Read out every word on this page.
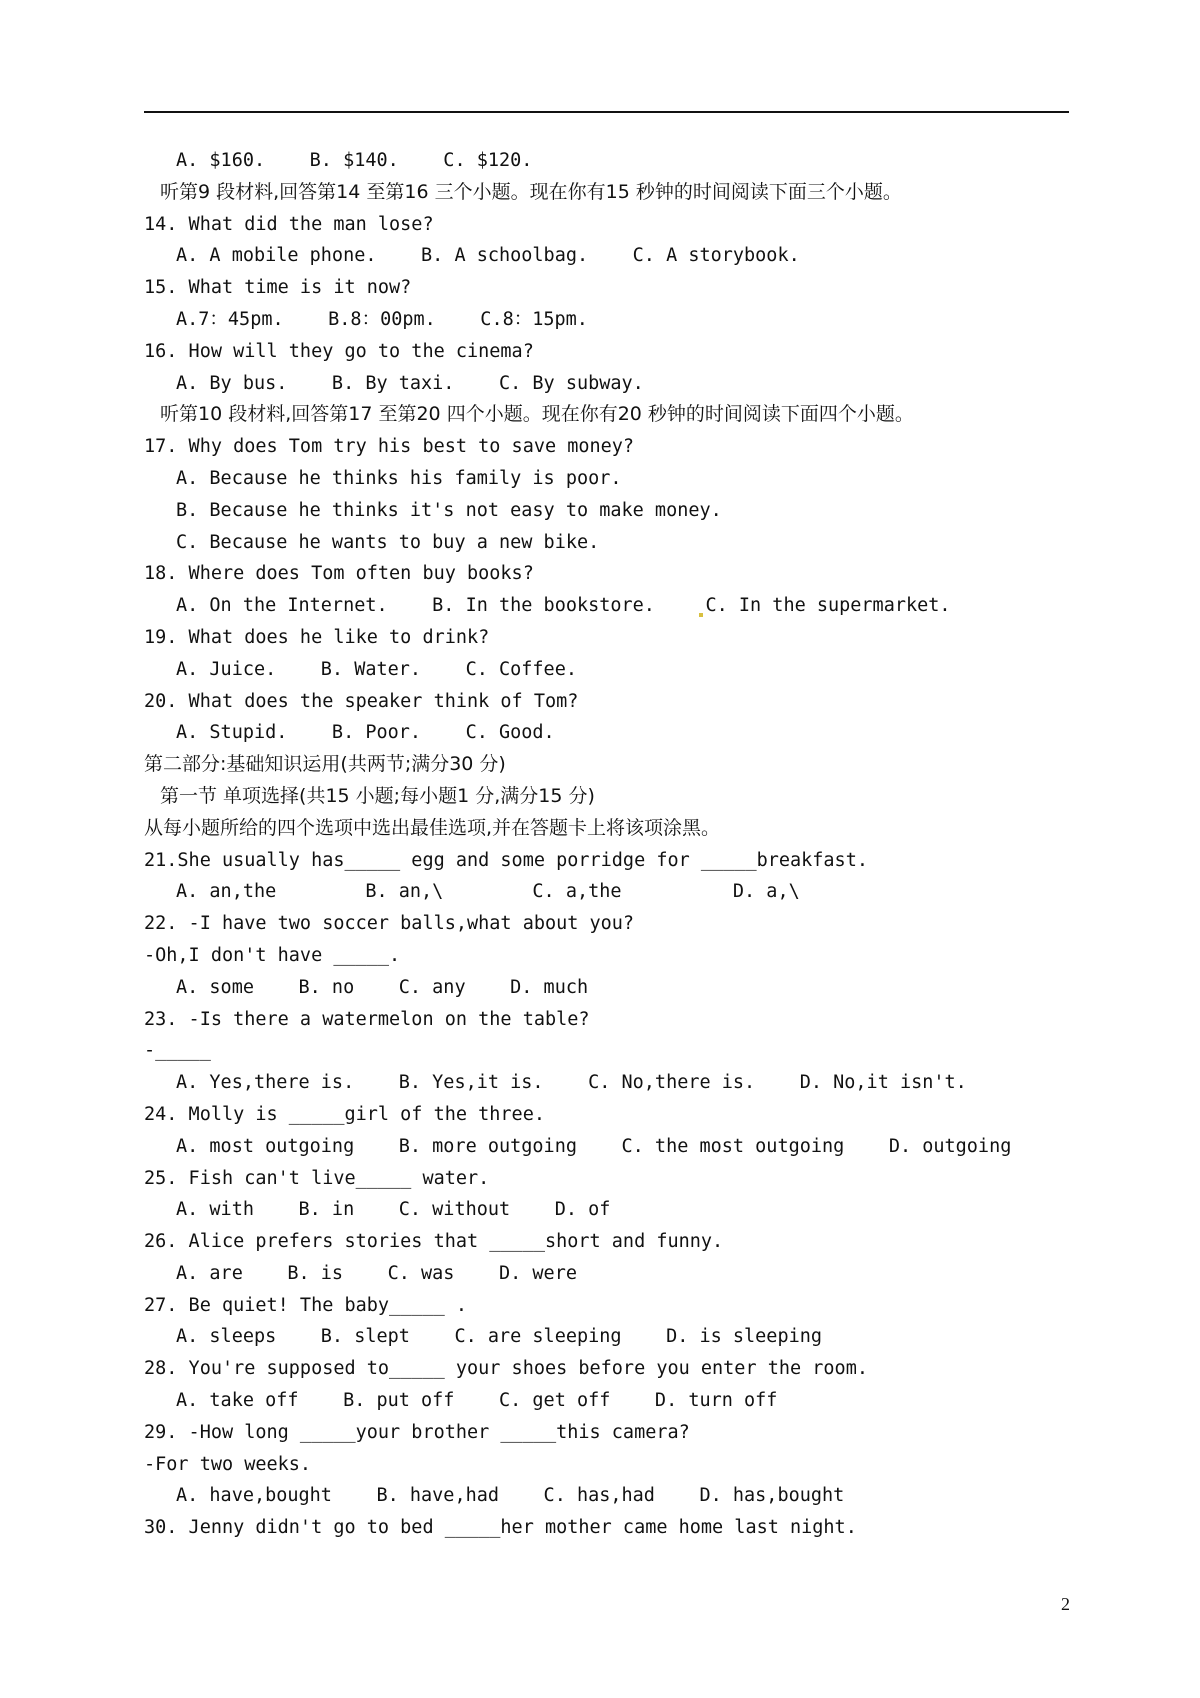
A. $160.    B. $140.    C. $120.
听第9 段材料,回答第14 至第16 三个小题。现在你有15 秒钟的时间阅读下面三个小题。
14. What did the man lose?
A. A mobile phone.    B. A schoolbag.    C. A storybook.
15. What time is it now?
A.7：45pm.    B.8：00pm.    C.8：15pm.
16. How will they go to the cinema?
A. By bus.    B. By taxi.    C. By subway.
听第10 段材料,回答第17 至第20 四个小题。现在你有20 秒钟的时间阅读下面四个小题。
17. Why does Tom try his best to save money?
A. Because he thinks his family is poor.
B. Because he thinks it's not easy to make money.
C. Because he wants to buy a new bike.
18. Where does Tom often buy books?
A. On the Internet.    B. In the bookstore.    C. In the supermarket.
19. What does he like to drink?
A. Juice.    B. Water.    C. Coffee.
20. What does the speaker think of Tom?
A. Stupid.    B. Poor.    C. Good.
第二部分:基础知识运用(共两节;满分30 分)
第一节 单项选择(共15 小题;每小题1 分,满分15 分)
从每小题所给的四个选项中选出最佳选项,并在答题卡上将该项涂黑。
21.She usually has_____ egg and some porridge for _____breakfast.
A. an,the        B. an,\        C. a,the          D. a,\
22. -I have two soccer balls,what about you?
-Oh,I don't have _____.
A. some    B. no    C. any    D. much
23. -Is there a watermelon on the table?
-_____
A. Yes,there is.    B. Yes,it is.    C. No,there is.    D. No,it isn't.
24. Molly is _____girl of the three.
A. most outgoing    B. more outgoing    C. the most outgoing    D. outgoing
25. Fish can't live_____ water.
A. with    B. in    C. without    D. of
26. Alice prefers stories that _____short and funny.
A. are    B. is    C. was    D. were
27. Be quiet! The baby_____ .
A. sleeps    B. slept    C. are sleeping    D. is sleeping
28. You're supposed to_____ your shoes before you enter the room.
A. take off    B. put off    C. get off    D. turn off
29. -How long _____your brother _____this camera?
-For two weeks.
A. have,bought    B. have,had    C. has,had    D. has,bought
30. Jenny didn't go to bed _____her mother came home last night.
2
